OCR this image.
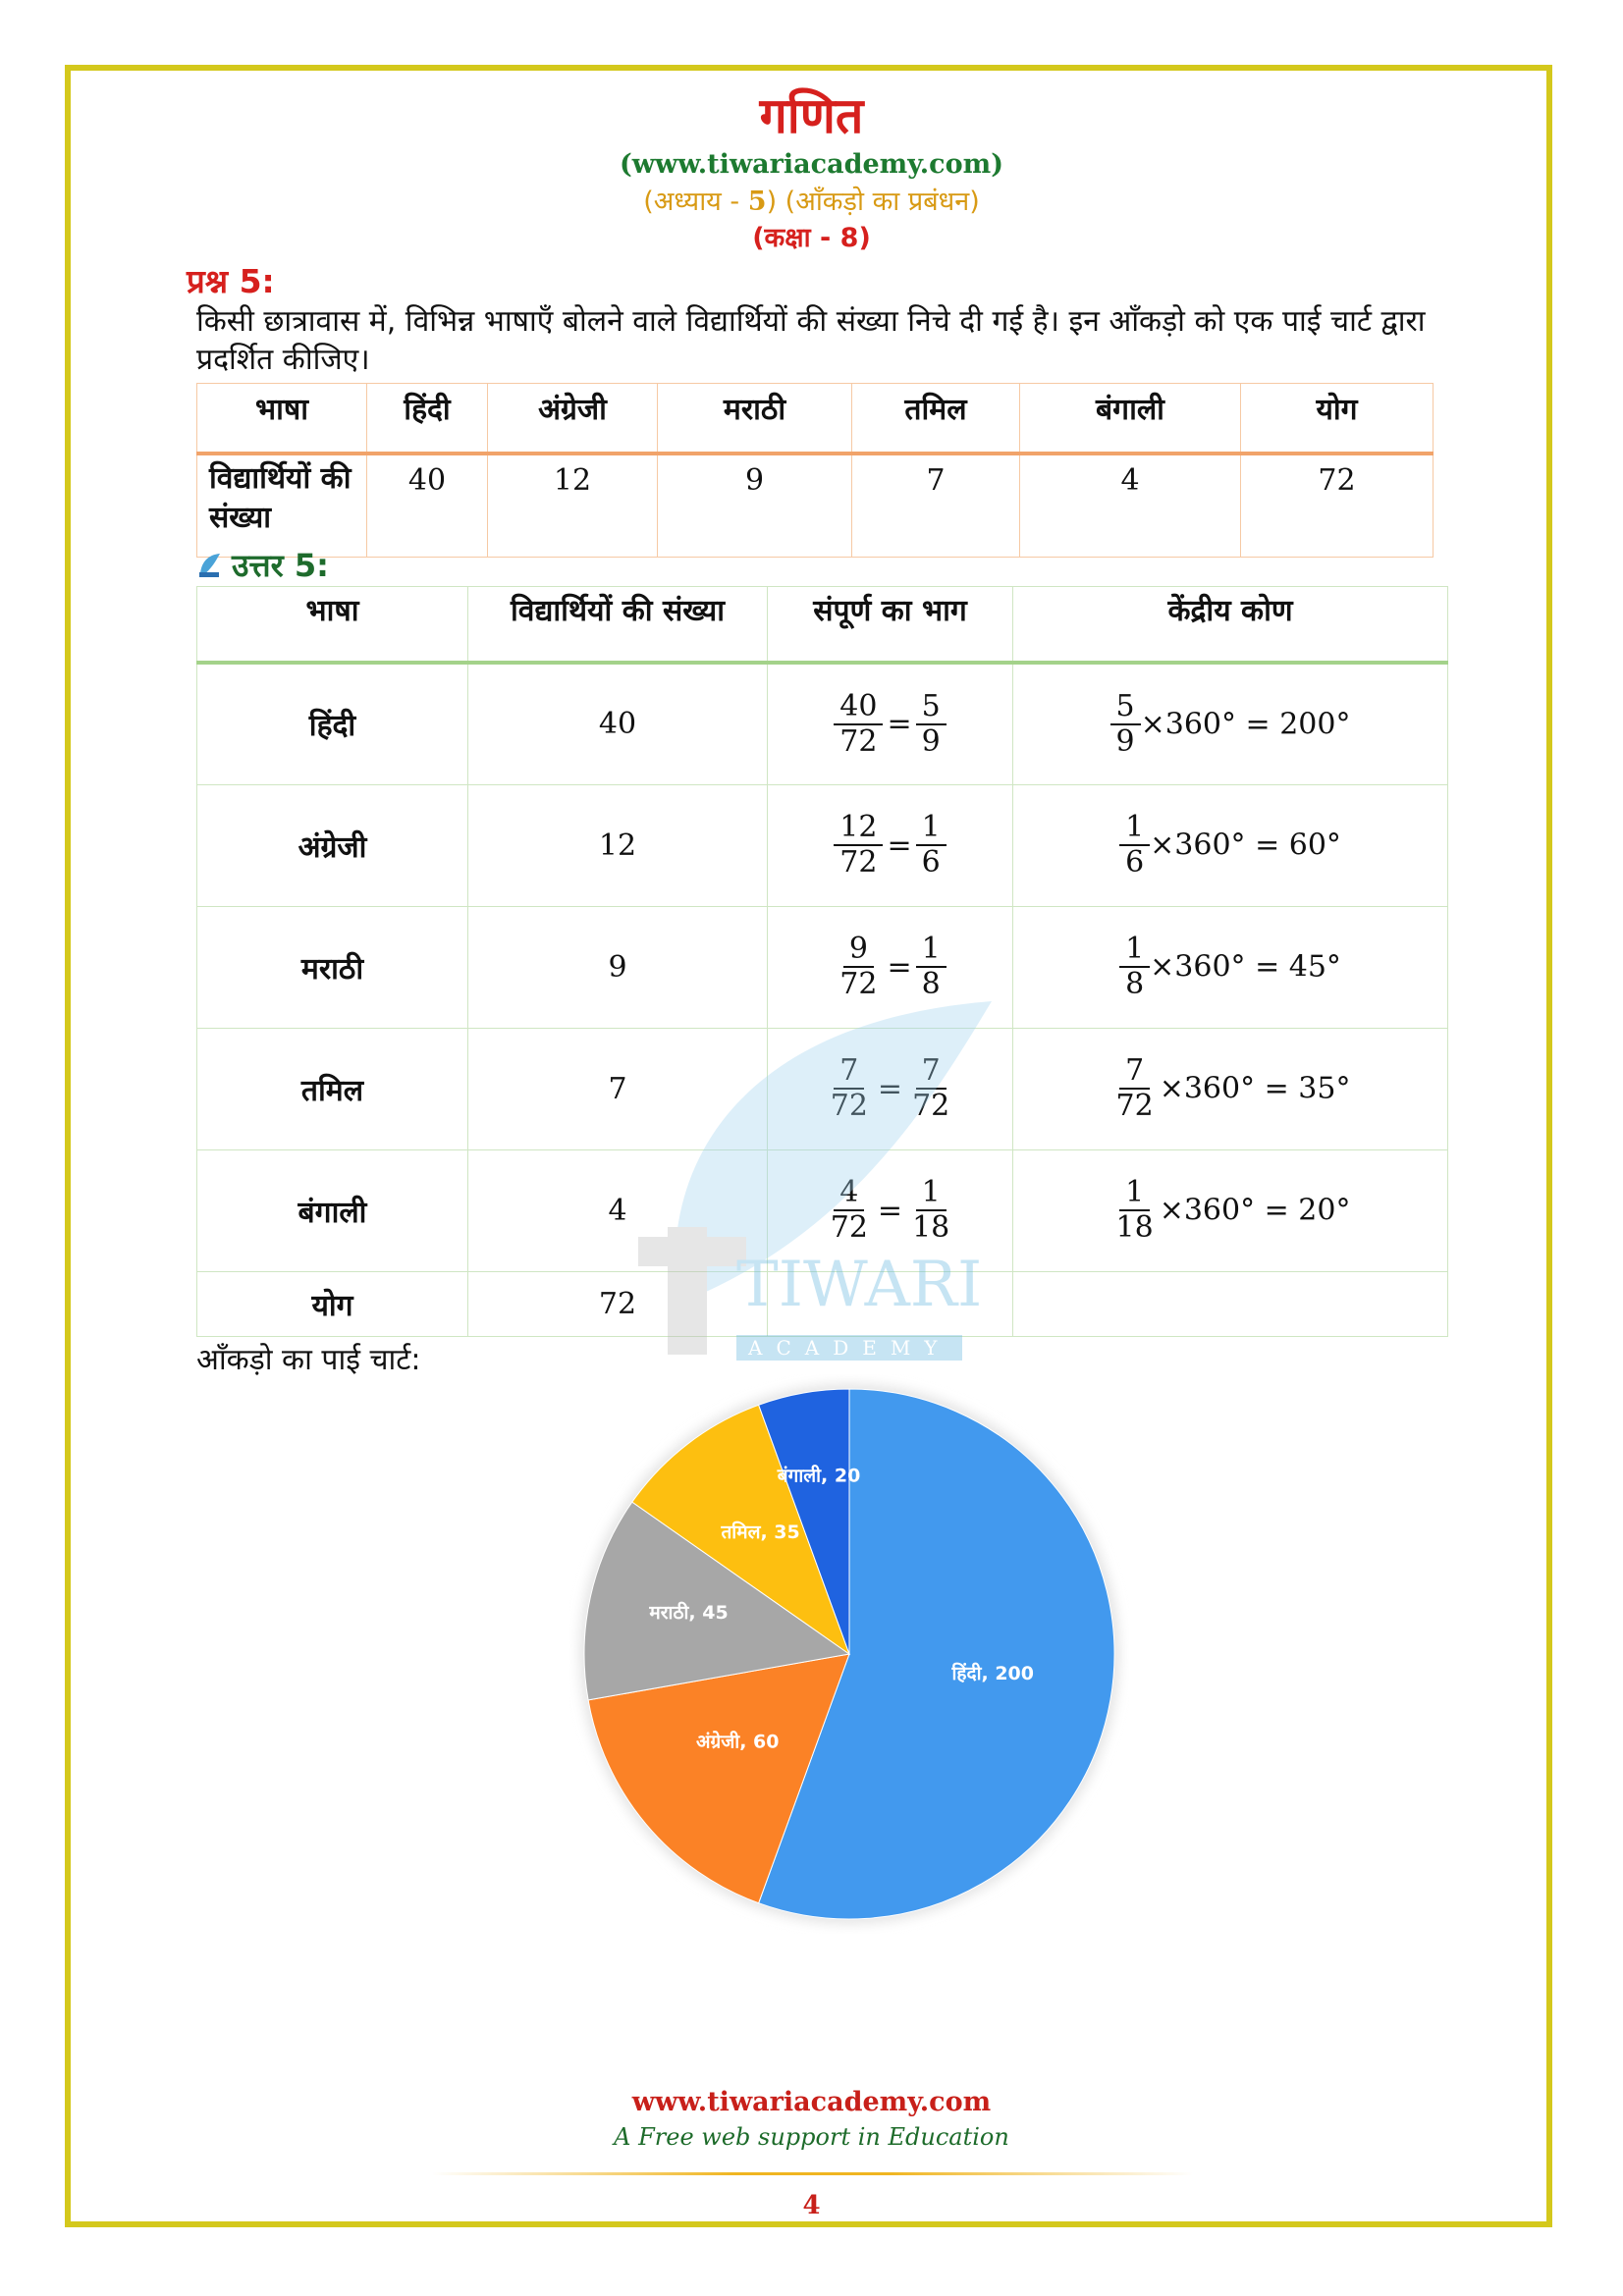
गणित
(www.tiwariacademy.com)
(अध्याय - 5) (आँकड़ो का प्रबंधन)
(कक्षा - 8)
प्रश्न 5:
किसी छात्रावास में, विभिन्न भाषाएँ बोलने वाले विद्यार्थियों की संख्या निचे दी गई है। इन आँकड़ो को एक पाई चार्ट द्वारा प्रदर्शित कीजिए।
भाषा	हिंदी	अंग्रेजी	मराठी	तमिल	बंगाली	योग
विद्यार्थियों की संख्या	40	12	9	7	4	72
उत्तर 5:
भाषा	विद्यार्थियों की संख्या	संपूर्ण का भाग	केंद्रीय कोण
हिंदी	40	$\frac{40}{72} = \frac{5}{9}$	$\frac{5}{9} \times 360^\circ = 200^\circ$
अंग्रेजी	12	$\frac{12}{72} = \frac{1}{6}$	$\frac{1}{6} \times 360^\circ = 60^\circ$
मराठी	9	$\frac{9}{72} = \frac{1}{8}$	$\frac{1}{8} \times 360^\circ = 45^\circ$
तमिल	7	$\frac{7}{72} = \frac{7}{72}$	$\frac{7}{72} \times 360^\circ = 35^\circ$
बंगाली	4	$\frac{4}{72} = \frac{1}{18}$	$\frac{1}{18} \times 360^\circ = 20^\circ$
योग	72		TIWARI
ACADEMY
आँकड़ो का पाई चार्ट:
हिंदी, 200
अंग्रेजी, 60
मराठी, 45
तमिल, 35
बंगाली, 20
www.tiwariacademy.com
A Free web support in Education
4
